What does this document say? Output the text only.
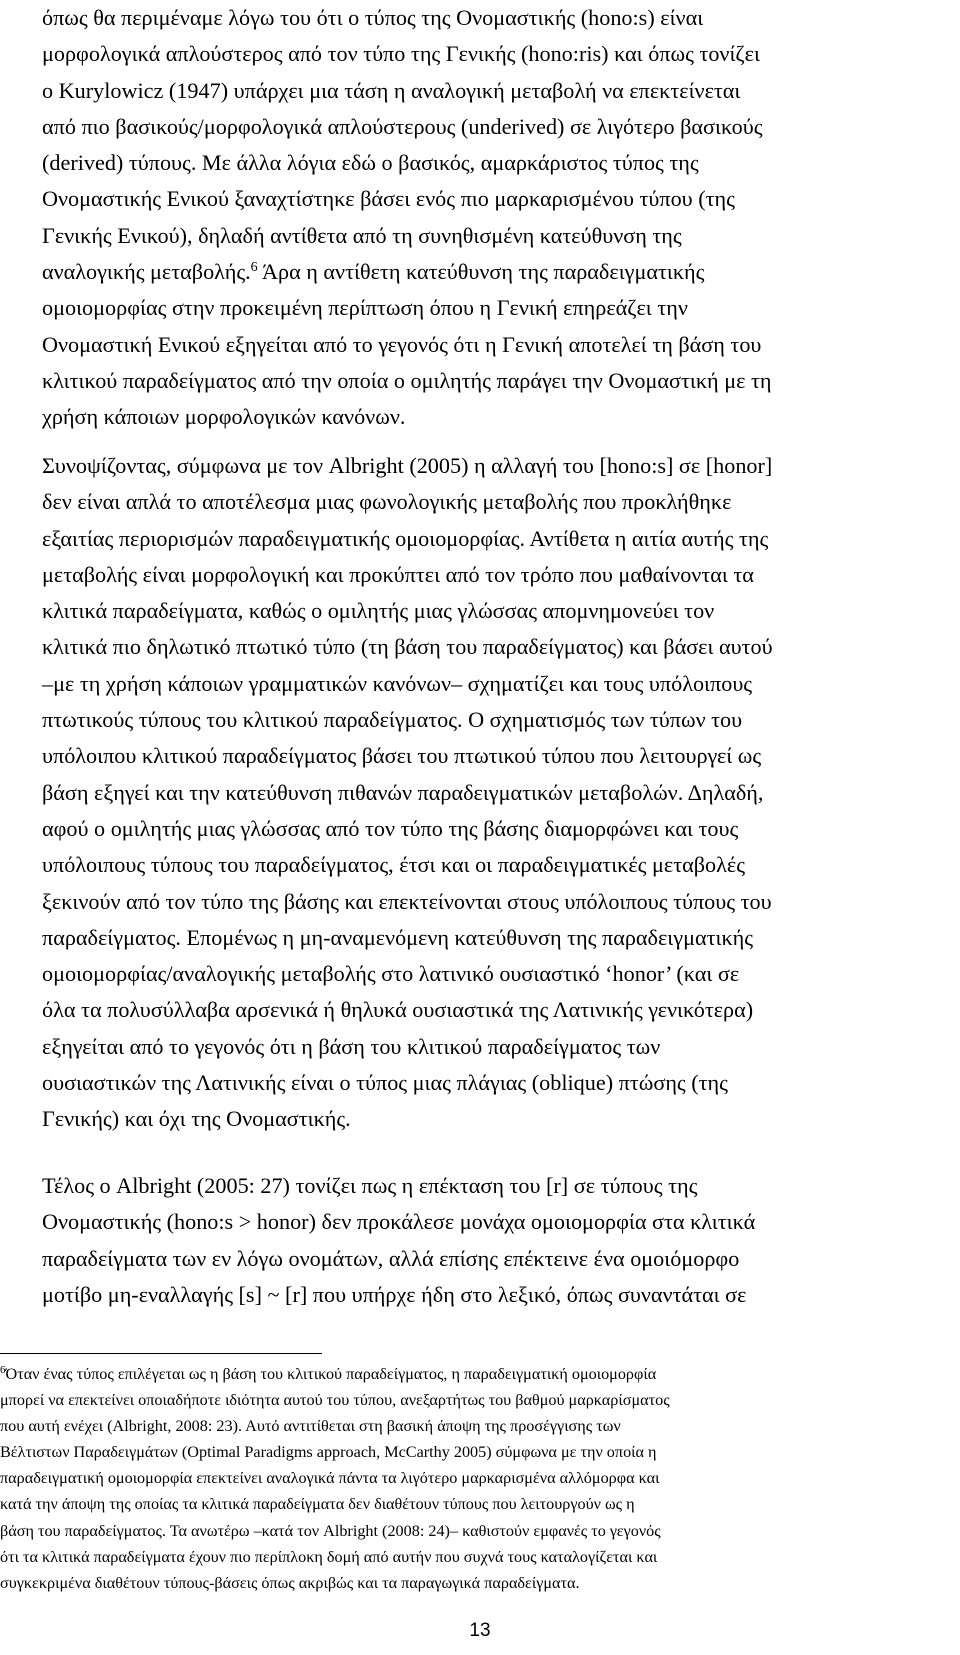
όπως θα περιμέναμε λόγω του ότι ο τύπος της Ονομαστικής (hono:s) είναι
μορφολογικά απλούστερος από τον τύπο της Γενικής (hono:ris) και όπως τονίζει
ο Kurylowicz (1947) υπάρχει μια τάση η αναλογική μεταβολή να επεκτείνεται
από πιο βασικούς/μορφολογικά απλούστερους (underived) σε λιγότερο βασικούς
(derived) τύπους. Με άλλα λόγια εδώ ο βασικός, αμαρκάριστος τύπος της
Ονομαστικής Ενικού ξαναχτίστηκε βάσει ενός πιο μαρκαρισμένου τύπου (της
Γενικής Ενικού), δηλαδή αντίθετα από τη συνηθισμένη κατεύθυνση της
αναλογικής μεταβολής.$^6$ Άρα η αντίθετη κατεύθυνση της παραδειγματικής
ομοιομορφίας στην προκειμένη περίπτωση όπου η Γενική επηρεάζει την
Ονομαστική Ενικού εξηγείται από το γεγονός ότι η Γενική αποτελεί τη βάση του
κλιτικού παραδείγματος από την οποία ο ομιλητής παράγει την Ονομαστική με τη
χρήση κάποιων μορφολογικών κανόνων.

Συνοψίζοντας, σύμφωνα με τον Albright (2005) η αλλαγή του [hono:s] σε [honor]
δεν είναι απλά το αποτέλεσμα μιας φωνολογικής μεταβολής που προκλήθηκε
εξαιτίας περιορισμών παραδειγματικής ομοιομορφίας. Αντίθετα η αιτία αυτής της
μεταβολής είναι μορφολογική και προκύπτει από τον τρόπο που μαθαίνονται τα
κλιτικά παραδείγματα, καθώς ο ομιλητής μιας γλώσσας απομνημονεύει τον
κλιτικά πιο δηλωτικό πτωτικό τύπο (τη βάση του παραδείγματος) και βάσει αυτού
–με τη χρήση κάποιων γραμματικών κανόνων– σχηματίζει και τους υπόλοιπους
πτωτικούς τύπους του κλιτικού παραδείγματος. Ο σχηματισμός των τύπων του
υπόλοιπου κλιτικού παραδείγματος βάσει του πτωτικού τύπου που λειτουργεί ως
βάση εξηγεί και την κατεύθυνση πιθανών παραδειγματικών μεταβολών. Δηλαδή,
αφού ο ομιλητής μιας γλώσσας από τον τύπο της βάσης διαμορφώνει και τους
υπόλοιπους τύπους του παραδείγματος, έτσι και οι παραδειγματικές μεταβολές
ξεκινούν από τον τύπο της βάσης και επεκτείνονται στους υπόλοιπους τύπους του
παραδείγματος. Επομένως η μη-αναμενόμενη κατεύθυνση της παραδειγματικής
ομοιομορφίας/αναλογικής μεταβολής στο λατινικό ουσιαστικό ‘honor’ (και σε
όλα τα πολυσύλλαβα αρσενικά ή θηλυκά ουσιαστικά της Λατινικής γενικότερα)
εξηγείται από το γεγονός ότι η βάση του κλιτικού παραδείγματος των
ουσιαστικών της Λατινικής είναι ο τύπος μιας πλάγιας (oblique) πτώσης (της
Γενικής) και όχι της Ονομαστικής.

Τέλος ο Albright (2005: 27) τονίζει πως η επέκταση του [r] σε τύπους της
Ονομαστικής (hono:s > honor) δεν προκάλεσε μονάχα ομοιομορφία στα κλιτικά
παραδείγματα των εν λόγω ονομάτων, αλλά επίσης επέκτεινε ένα ομοιόμορφο
μοτίβο μη-εναλλαγής [s] ~ [r] που υπήρχε ήδη στο λεξικό, όπως συναντάται σε

$^6$Όταν ένας τύπος επιλέγεται ως η βάση του κλιτικού παραδείγματος, η παραδειγματική ομοιομορφία
μπορεί να επεκτείνει οποιαδήποτε ιδιότητα αυτού του τύπου, ανεξαρτήτως του βαθμού μαρκαρίσματος
που αυτή ενέχει (Albright, 2008: 23). Αυτό αντιτίθεται στη βασική άποψη της προσέγγισης των
Βέλτιστων Παραδειγμάτων (Optimal Paradigms approach, McCarthy 2005) σύμφωνα με την οποία η
παραδειγματική ομοιομορφία επεκτείνει αναλογικά πάντα τα λιγότερο μαρκαρισμένα αλλόμορφα και
κατά την άποψη της οποίας τα κλιτικά παραδείγματα δεν διαθέτουν τύπους που λειτουργούν ως η
βάση του παραδείγματος. Τα ανωτέρω –κατά τον Albright (2008: 24)– καθιστούν εμφανές το γεγονός
ότι τα κλιτικά παραδείγματα έχουν πιο περίπλοκη δομή από αυτήν που συχνά τους καταλογίζεται και
συγκεκριμένα διαθέτουν τύπους-βάσεις όπως ακριβώς και τα παραγωγικά παραδείγματα.

13
